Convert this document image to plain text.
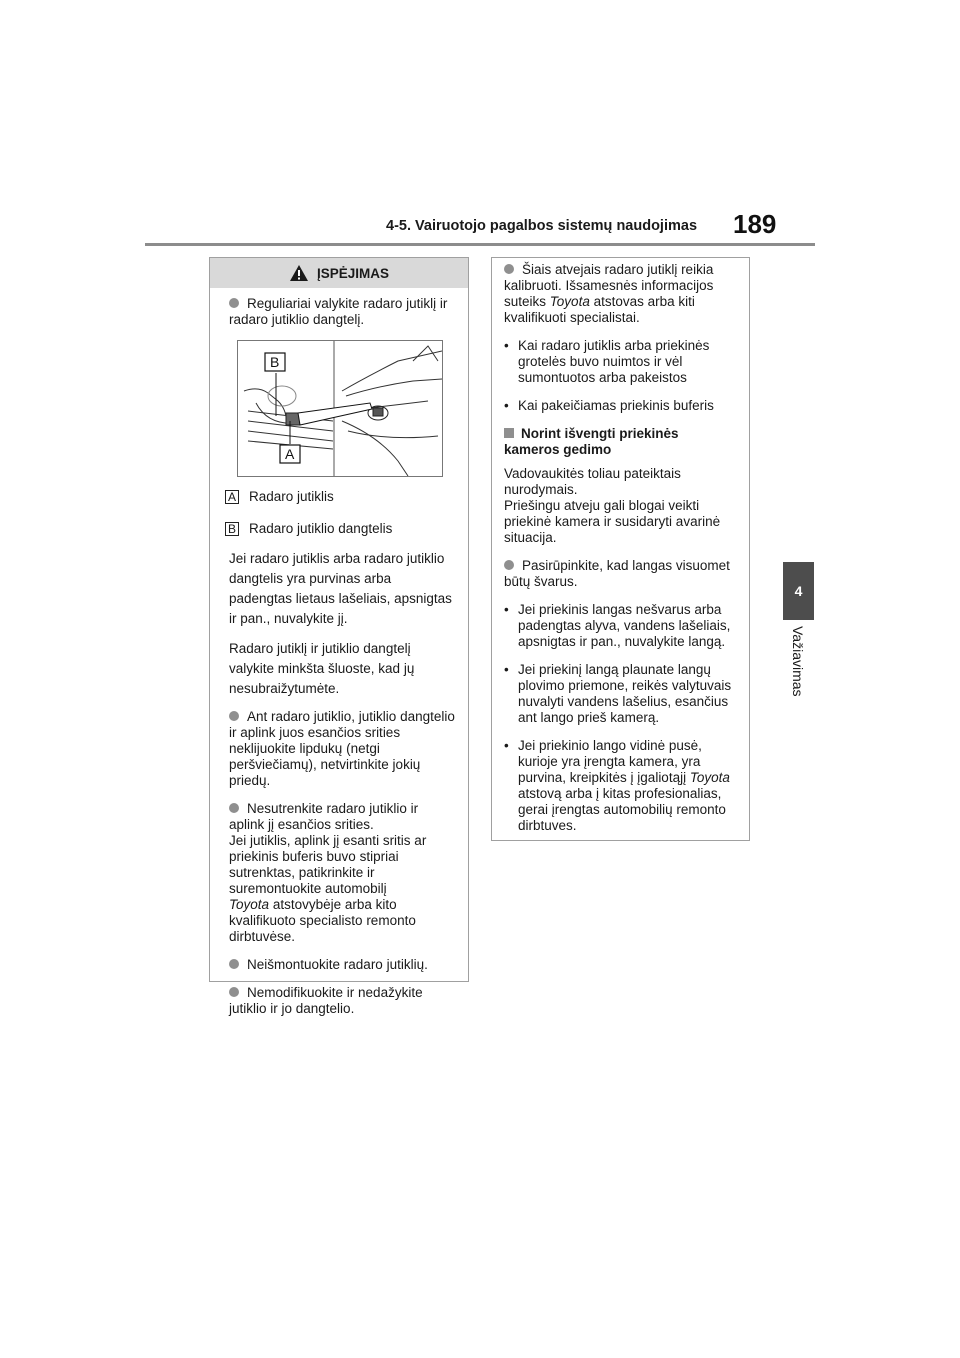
4-5. Vairuotojo pagalbos sistemų naudojimas 189
4
Važiavimas
ĮSPĖJIMAS

Reguliariai valykite radaro jutiklį ir radaro jutiklio dangtelį.

B
A
A Radaro jutiklis
B Radaro jutiklio dangtelis

Jei radaro jutiklis arba radaro jutiklio dangtelis yra purvinas arba padengtas lietaus lašeliais, apsnigtas ir pan., nuvalykite jį.

Radaro jutiklį ir jutiklio dangtelį valykite minkšta šluoste, kad jų nesubraižytumėte.

Ant radaro jutiklio, jutiklio dangtelio ir aplink juos esančios srities neklijuokite lipdukų (netgi peršviečiamų), netvirtinkite jokių priedų.

Nesutrenkite radaro jutiklio ir aplink jį esančios srities.
Jei jutiklis, aplink jį esanti sritis ar priekinis buferis buvo stipriai sutrenktas, patikrinkite ir suremontuokite automobilį
Toyota atstovybėje arba kito kvalifikuoto specialisto remonto dirbtuvėse.

Neišmontuokite radaro jutiklių.

Nemodifikuokite ir nedažykite jutiklio ir jo dangtelio.

Šiais atvejais radaro jutiklį reikia kalibruoti. Išsamesnės informacijos suteiks Toyota atstovas arba kiti kvalifikuoti specialistai.

• Kai radaro jutiklis arba priekinės grotelės buvo nuimtos ir vėl sumontuotos arba pakeistos

• Kai pakeičiamas priekinis buferis

Norint išvengti priekinės kameros gedimo

Vadovaukitės toliau pateiktais nurodymais.
Priešingu atveju gali blogai veikti priekinė kamera ir susidaryti avarinė situacija.

Pasirūpinkite, kad langas visuomet būtų švarus.

• Jei priekinis langas nešvarus arba padengtas alyva, vandens lašeliais, apsnigtas ir pan., nuvalykite langą.

• Jei priekinį langą plaunate langų plovimo priemone, reikės valytuvais nuvalyti vandens lašelius, esančius ant lango prieš kamerą.

• Jei priekinio lango vidinė pusė, kurioje yra įrengta kamera, yra purvina, kreipkitės į įgaliotąjį Toyota atstovą arba į kitas profesionalias, gerai įrengtas automobilių remonto dirbtuves.
